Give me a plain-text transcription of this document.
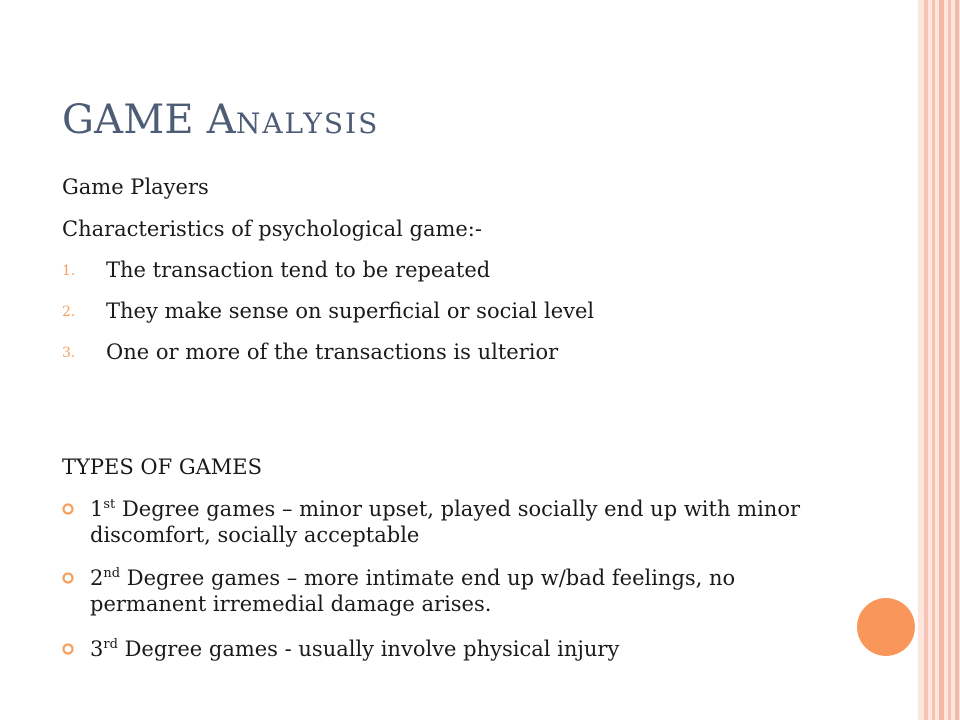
GAME ANALYSIS
Game Players
Characteristics of psychological game:-
1. The transaction tend to be repeated
2. They make sense on superficial or social level
3. One or more of the transactions is ulterior
TYPES OF GAMES
1st Degree games – minor upset, played socially end up with minor discomfort, socially acceptable
2nd Degree games – more intimate end up w/bad feelings, no permanent irremedial damage arises.
3rd Degree games - usually involve physical injury
